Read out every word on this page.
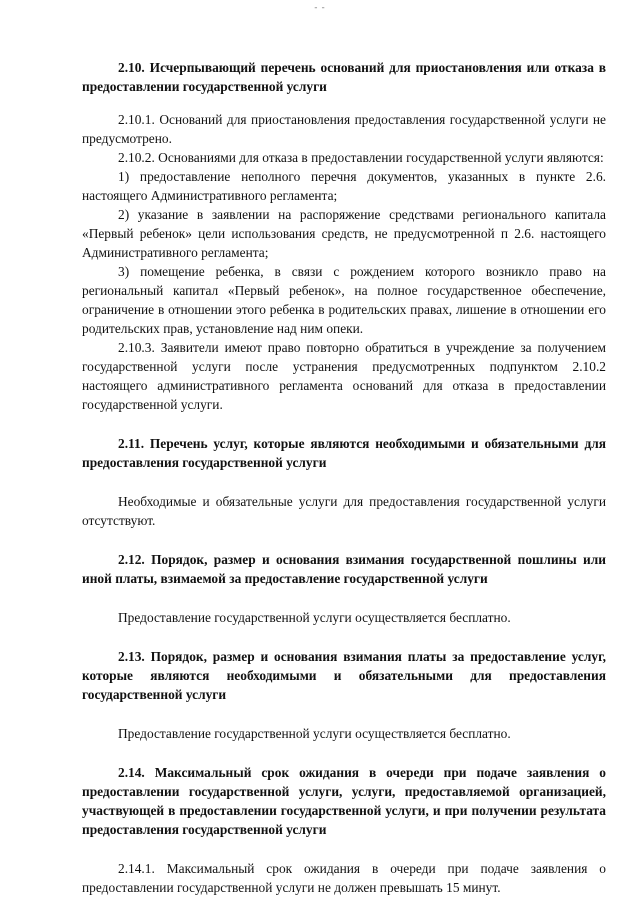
- -

2.10. Исчерпывающий перечень оснований для приостановления или отказа в предоставлении государственной услуги

2.10.1. Оснований для приостановления предоставления государственной услуги не предусмотрено.

2.10.2. Основаниями для отказа в предоставлении государственной услуги являются:

1) предоставление неполного перечня документов, указанных в пункте 2.6. настоящего Административного регламента;

2) указание в заявлении на распоряжение средствами регионального капитала «Первый ребенок» цели использования средств, не предусмотренной п 2.6. настоящего Административного регламента;

3) помещение ребенка, в связи с рождением которого возникло право на региональный капитал «Первый ребенок», на полное государственное обеспечение, ограничение в отношении этого ребенка в родительских правах, лишение в отношении его родительских прав, установление над ним опеки.

2.10.3. Заявители имеют право повторно обратиться в учреждение за получением государственной услуги после устранения предусмотренных подпунктом 2.10.2 настоящего административного регламента оснований для отказа в предоставлении государственной услуги.

2.11. Перечень услуг, которые являются необходимыми и обязательными для предоставления государственной услуги

Необходимые и обязательные услуги для предоставления государственной услуги отсутствуют.

2.12. Порядок, размер и основания взимания государственной пошлины или иной платы, взимаемой за предоставление государственной услуги

Предоставление государственной услуги осуществляется бесплатно.

2.13. Порядок, размер и основания взимания платы за предоставление услуг, которые являются необходимыми и обязательными для предоставления государственной услуги

Предоставление государственной услуги осуществляется бесплатно.

2.14. Максимальный срок ожидания в очереди при подаче заявления о предоставлении государственной услуги, услуги, предоставляемой организацией, участвующей в предоставлении государственной услуги, и при получении результата предоставления государственной услуги

2.14.1. Максимальный срок ожидания в очереди при подаче заявления о предоставлении государственной услуги не должен превышать 15 минут.
